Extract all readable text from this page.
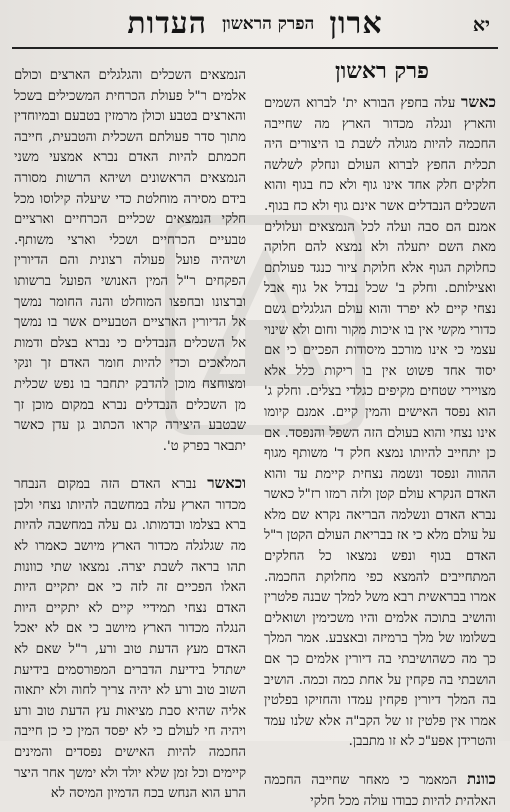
יא
ארון הפרק הראשון העדות
פרק ראשון

כאשר עלה בחפץ הבורא ית' לברוא השמים והארץ ונגלה מכדור הארץ מה שחייבה החכמה להיות מגולה לשבת בו היצורים היה תכלית החפץ לברוא העולם ונחלק לשלשה חלקים חלק אחד אינו גוף ולא כח בגוף והוא השכלים הנבדלים אשר אינם גוף ולא כח בגוף. אמנם הם סבה ועלה לכל הנמצאים ועלולים מאת השם יתעלה ולא נמצא להם חלוקה כחלוקת הגוף אלא חלוקת ציור כנגד פעולתם ואצילותם. וחלק ב' שכל נבדל אל גוף אבל נצחי קיים לא יפרד והוא עולם הגלגלים גשם כדורי מקשי אין בו איכות מקור וחום ולא שינוי עצמי כי אינו מורכב מיסודות הפכיים כי אם יסוד אחד פשוט אין בו ריקות כלל אלא מצויירי שטחים מקיפים כגלדי בצלים. וחלק ג' הוא נפסד האישים והמין קיים. אמנם קיומו אינו נצחי והוא בעולם הזה השפל והנפסד. אם כן יתחייב להיותו נמצא חלק ד' משותף מגוף ההווה ונפסד ונשמה נצחית קיימת עד והוא האדם הנקרא עולם קטן ולזה רמזו רז"ל כאשר נברא האדם ונשלמה הבריאה נקרא שם מלא על עולם מלא כי אז בבריאת העולם הקטן ר"ל האדם בגוף ונפש נמצאו כל החלקים המתחייבים להמצא כפי מחלוקת החכמה. אמרו בבראשית רבא משל למלך שבנה פלטרין והושיב בתוכה אלמים והיו משכימין ושואלים בשלומו של מלך ברמיזה ובאצבע. אמר המלך כך מה כשהושיבתי בה דיורין אלמים כך אם הושבתי בה פקחין על אחת כמה וכמה. הושיב בה המלך דיורין פקחין עמדו והחזיקו בפלטין אמרו אין פלטין זו של הקב"ה אלא שלנו עמד והטרידן אפע"כ לא זו מתבבן.

כוונת המאמר כי מאחר שחייבה החכמה האלהית להיות כבודו עולה מכל חלקי

הנמצאים השכלים והגלגלים הארצים וכולם אלמים ר"ל פעולת הכרחית המשכילים בשכל והארצים בטבע וכולן מרמזין בטבעם ובמיוחדין מתוך סדר פעולתם השכלית והטבעית, חייבה חכמתם להיות האדם נברא אמצעי משני הנמצאים הראשונים ושיהא הרשות מסורה בידם מסירה מוחלטת כדי שיעלה קילוסו מכל חלקי הנמצאים שכליים הכרחיים וארציים טבעיים הכרחיים ושכלי וארצי משותף. ושיהיה פועל פעולה רצונית והם הדיורין הפקחים ר"ל המין האנושי הפועל ברשותו וברצונו ובחפצו המוחלט והנה החומר נמשך אל הדיורין הארציים הטבעיים אשר בו נמשך אל השכלים הנבדלים כי נברא בצלם ודמות המלאכים וכדי להיות חומר האדם זך ונקי ומצוחצח מוכן להדבק יתחבר בו נפש שכלית מן השכלים הנבדלים נברא במקום מוכן זך שבטבע היצירה קראו הכתוב גן עדן כאשר יתבאר בפרק ט'.

וכאשר נברא האדם הזה במקום הנבחר מכדור הארץ עלה במחשבה להיותו נצחי ולכן ברא בצלמו ובדמותו. גם עלה במחשבה להיות מה שגלגלה מכדור הארץ מיושב כאמרו לא תהו בראה לשבת יצרה. נמצאו שתי כוונות האלו הפכיים זה לזה כי אם יתקיים היות האדם נצחי תמידיי קיים לא יתקיים היות הנגלה מכדור הארץ מיושב כי אם לא יאכל האדם מעץ הדעת טוב ורע, ר"ל שאם לא ישתדל בידיעת הדברים המפורסמים בידיעת השוב טוב ורע לא יהיה צריך לחוה ולא יתאוה אליה שהיא סבת מציאות עץ הדעת טוב ורע ויהיה חי לעולם כי לא יפסד המין כי כן חייבה החכמה להיות האישים נפסדים והמינים קיימים וכל זמן שלא יולד ולא ימשך אחר היצר הרע הוא הנחש בכח הדמיון המיסה לא
